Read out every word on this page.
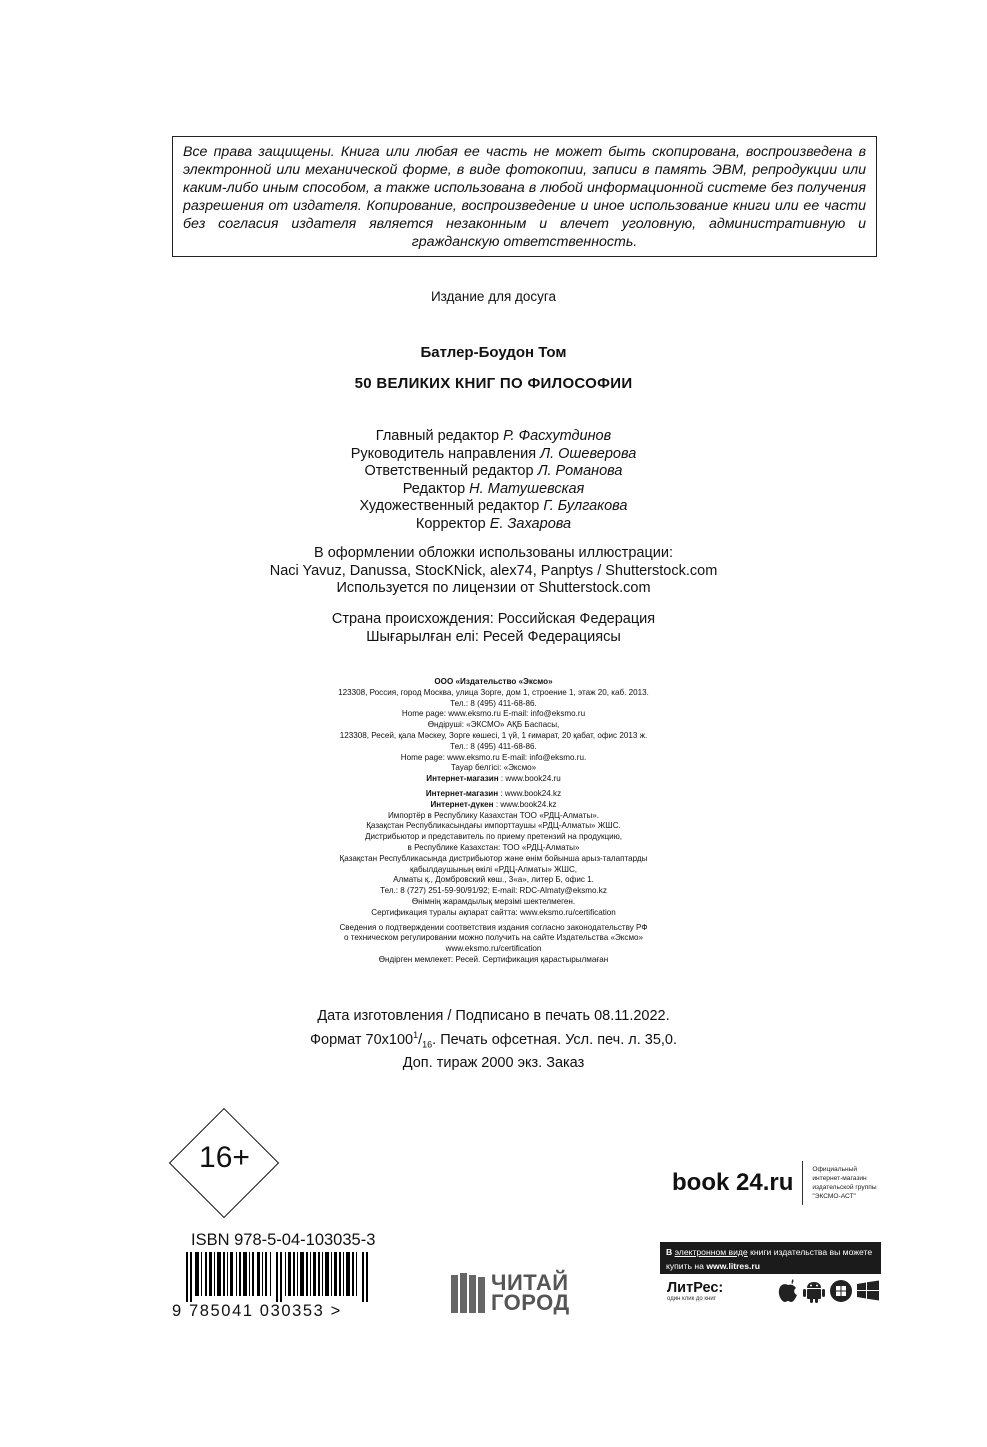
Все права защищены. Книга или любая ее часть не может быть скопирована, воспроизведена в электронной или механической форме, в виде фотокопии, записи в память ЭВМ, репродукции или каким-либо иным способом, а также использована в любой информационной системе без получения разрешения от издателя. Копирование, воспроизведение и иное использование книги или ее части без согласия издателя является незаконным и влечет уголовную, административную и гражданскую ответственность.
Издание для досуга
Батлер-Боудон Том
50 ВЕЛИКИХ КНИГ ПО ФИЛОСОФИИ
Главный редактор Р. Фасхутдинов
Руководитель направления Л. Ошеверова
Ответственный редактор Л. Романова
Редактор Н. Матушевская
Художественный редактор Г. Булгакова
Корректор Е. Захарова
В оформлении обложки использованы иллюстрации:
Naci Yavuz, Danussa, StocKNick, alex74, Panptys / Shutterstock.com
Используется по лицензии от Shutterstock.com
Страна происхождения: Российская Федерация
Шығарылған елі: Ресей Федерациясы
ООО «Издательство «Эксмо»
123308, Россия, город Москва, улица Зорге, дом 1, строение 1, этаж 20, каб. 2013.
Тел.: 8 (495) 411-68-86.
Home page: www.eksmo.ru E-mail: info@eksmo.ru
Өндіруші: «ЭКСМО» АҚБ Баспасы,
123308, Ресей, қала Мәскеу, Зорге көшесі, 1 үй, 1 ғимарат, 20 қабат, офис 2013 ж.
Тел.: 8 (495) 411-68-86.
Home page: www.eksmo.ru E-mail: info@eksmo.ru.
Тауар белгісі: «Эксмо»
Интернет-магазин : www.book24.ru
Интернет-магазин : www.book24.kz
Интернет-дүкен : www.book24.kz
Импортёр в Республику Казахстан ТОО «РДЦ-Алматы».
Қазақстан Республикасындағы импорттаушы «РДЦ-Алматы» ЖШС.
Дистрибьютор и представитель по приему претензий на продукцию,
в Республике Казахстан: ТОО «РДЦ-Алматы»
Қазақстан Республикасында дистрибьютор және өнім бойынша арыз-талаптарды
қабылдаушының өкілі «РДЦ-Алматы» ЖШС,
Алматы қ., Домбровский көш., 3«а», литер Б, офис 1.
Тел.: 8 (727) 251-59-90/91/92; E-mail: RDC-Almaty@eksmo.kz
Өнімнің жарамдылық мерзімі шектелмеген.
Сертификация туралы ақпарат сайтта: www.eksmo.ru/certification
Сведения о подтверждении соответствия издания согласно законодательству РФ
о техническом регулировании можно получить на сайте Издательства «Эксмо»
www.eksmo.ru/certification
Өндірген мемлекет: Ресей. Сертификация қарастырылмаған
Дата изготовления / Подписано в печать 08.11.2022.
Формат $70x100^1/_{16}$. Печать офсетная. Усл. печ. л. 35,0.
Доп. тираж 2000 экз. Заказ
16+
ISBN 978-5-04-103035-3
9 785041 030353 >
ЧИТАЙ
ГОРОД
book 24.ru	Официальный
интернет-магазин
издательской группы
"ЭКСМО-АСТ"
В электронном виде книги издательства вы можете
купить на www.litres.ru
ЛитРес:
один клик до книг
